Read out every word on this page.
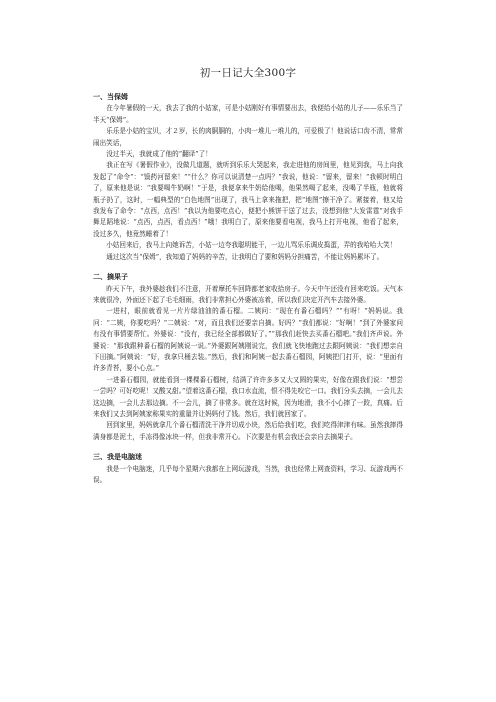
初一日记大全300字

一、当保姆

在今年暑假的一天，我去了我的小姑家，可是小姑刚好有事情要出去，我便给小姑的儿子——乐乐当了半天“保姆”。

乐乐是小姑的宝贝，才２岁，长的肉胴胴的，小肉一堆儿一堆儿的，可爱极了！他说话口齿不清，常常闹出笑话，

没过半天，我就成了他的“翻译”了！

我正在写《暑假作业》，没做几道题，就听到乐乐大哭起来，我走进他的房间里，他见到我，马上向我发起了“命令”：“馍药河留来！”“什么？你可以说清楚一点吗？”我说，他说：“留来，留来！”我顿时明白了，原来他是说：“我要喝牛奶啊！”于是，我便拿来牛奶给他喝，他果然喝了起来，没喝了半瓶，他就将瓶子扔了，这时，一幅典型的“白色地图”出现了，我马上拿来拖把，把“地图”擦干净了。紧接着，他又给我发布了命令：“点西，点西！”我以为他要吃点心，便把小熊饼干送了过去，没想到他“大发雷霆”对我手舞足蹈地说：“点西，点西，看点西！”哦！我明白了，原来他要看电视，我马上打开电视，他看了起来，没过多久，他竟然睡着了！

小姑回来后，我马上向她诉苦，小姑一边夸我聪明能干，一边儿骂乐乐调皮捣蛋，弄的我哈哈大笑！

通过这次当“保姆”，我知道了妈妈的辛苦，让我明白了要和妈妈分担痛苦，不能让妈妈累坏了。

二、摘果子

昨天下午，我外婆趁我们不注意，开着摩托车回降都老家收拾房子。今天中午还没有回来吃饭。天气本来就很冷，外面还下起了毛毛细雨，我们非常担心外婆被冻着，所以我们决定开汽车去接外婆。

一进村，眼前就看见一片片绿油油的番石榴。二姨问：“现在有番石榴吗？”“有呀！”妈妈说。我问：“二姨，你要吃吗？”二姨说：“对，而且我们还要亲自摘。好吗？”我们都说：“好啊！”到了外婆家问有没有事情要帮忙。外婆说：“没有，我已经全部都做好了。”“那我们赶快去买番石榴吧。”我们齐声说。外婆说：“那我跟种番石榴的阿姨说一说。”外婆跟阿姨刚说完，我们就飞快地跑过去跟阿姨说：“我们想亲自下田摘。”阿姨说：“好，我拿只桶去装。”然后，我们和阿姨一起去番石榴园，阿姨把门打开，说：“里面有许多青苔，要小心点。”

一进番石榴园，就能看到一棵棵番石榴树，结满了许许多多又大又圆的果实，好像在跟我们说：“想尝一尝吗？可好吃呢！又酸又甜。”望着这番石榴，我口水直流，恨不得先咬它一口。我们分头去摘，一会儿去这边摘，一会儿去那边摘。不一会儿，摘了非常多。就在这时候，因为地滑，我不小心摔了一跤，真痛。后来我们又去到阿姨家称果实的重量并让妈妈付了钱。然后，我们就回家了。

回到家里，妈妈就拿几个番石榴清洗干净并切成小块，然后给我们吃，我们吃得津津有味。虽然我摔得满身都是泥土，手冻得像冰块一样，但我非常开心。下次要是有机会我还会亲自去摘果子。

三、我是电脑迷

我是一个电脑迷，几乎每个星期六我都在上网玩游戏，当然，我也经常上网查资料，学习、玩游戏两不误。
